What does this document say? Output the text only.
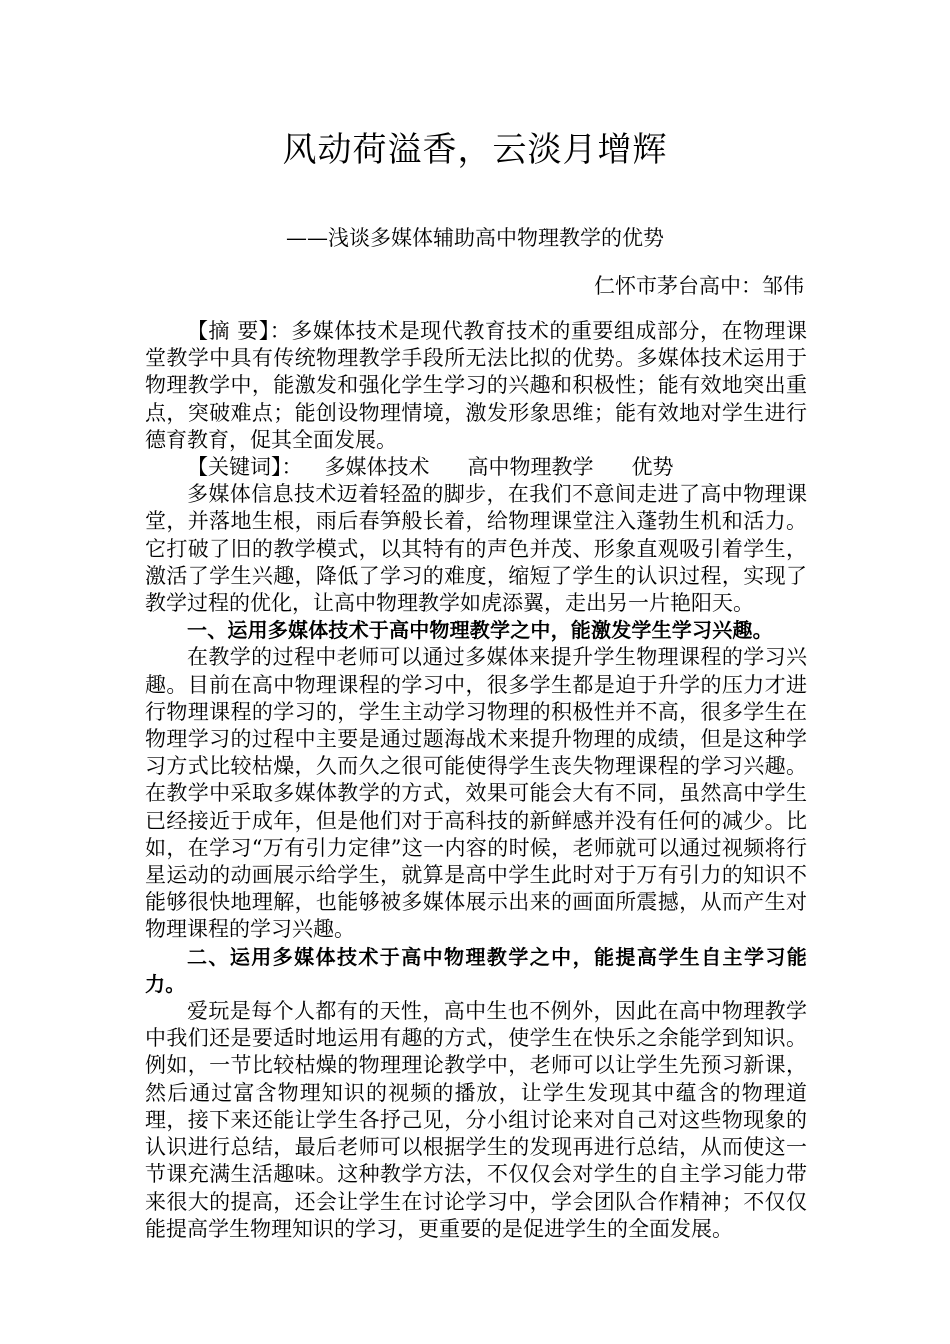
风动荷溢香，云淡月增辉
——浅谈多媒体辅助高中物理教学的优势
仁怀市茅台高中：邹伟

【摘 要】：多媒体技术是现代教育技术的重要组成部分，在物理课堂教学中具有传统物理教学手段所无法比拟的优势。多媒体技术运用于物理教学中，能激发和强化学生学习的兴趣和积极性；能有效地突出重点，突破难点；能创设物理情境，激发形象思维；能有效地对学生进行德育教育，促其全面发展。

【关键词】： 多媒体技术 高中物理教学 优势

多媒体信息技术迈着轻盈的脚步，在我们不意间走进了高中物理课堂，并落地生根，雨后春笋般长着，给物理课堂注入蓬勃生机和活力。它打破了旧的教学模式，以其特有的声色并茂、形象直观吸引着学生，激活了学生兴趣，降低了学习的难度，缩短了学生的认识过程，实现了教学过程的优化，让高中物理教学如虎添翼，走出另一片艳阳天。

一、运用多媒体技术于高中物理教学之中，能激发学生学习兴趣。

在教学的过程中老师可以通过多媒体来提升学生物理课程的学习兴趣。目前在高中物理课程的学习中，很多学生都是迫于升学的压力才进行物理课程的学习的，学生主动学习物理的积极性并不高，很多学生在物理学习的过程中主要是通过题海战术来提升物理的成绩，但是这种学习方式比较枯燥，久而久之很可能使得学生丧失物理课程的学习兴趣。在教学中采取多媒体教学的方式，效果可能会大有不同，虽然高中学生已经接近于成年，但是他们对于高科技的新鲜感并没有任何的减少。比如，在学习“万有引力定律”这一内容的时候，老师就可以通过视频将行星运动的动画展示给学生，就算是高中学生此时对于万有引力的知识不能够很快地理解，也能够被多媒体展示出来的画面所震撼，从而产生对物理课程的学习兴趣。

二、运用多媒体技术于高中物理教学之中，能提高学生自主学习能力。

爱玩是每个人都有的天性，高中生也不例外，因此在高中物理教学中我们还是要适时地运用有趣的方式，使学生在快乐之余能学到知识。例如，一节比较枯燥的物理理论教学中，老师可以让学生先预习新课，然后通过富含物理知识的视频的播放，让学生发现其中蕴含的物理道理，接下来还能让学生各抒己见，分小组讨论来对自己对这些物现象的认识进行总结，最后老师可以根据学生的发现再进行总结，从而使这一节课充满生活趣味。这种教学方法，不仅仅会对学生的自主学习能力带来很大的提高，还会让学生在讨论学习中，学会团队合作精神；不仅仅能提高学生物理知识的学习，更重要的是促进学生的全面发展。
